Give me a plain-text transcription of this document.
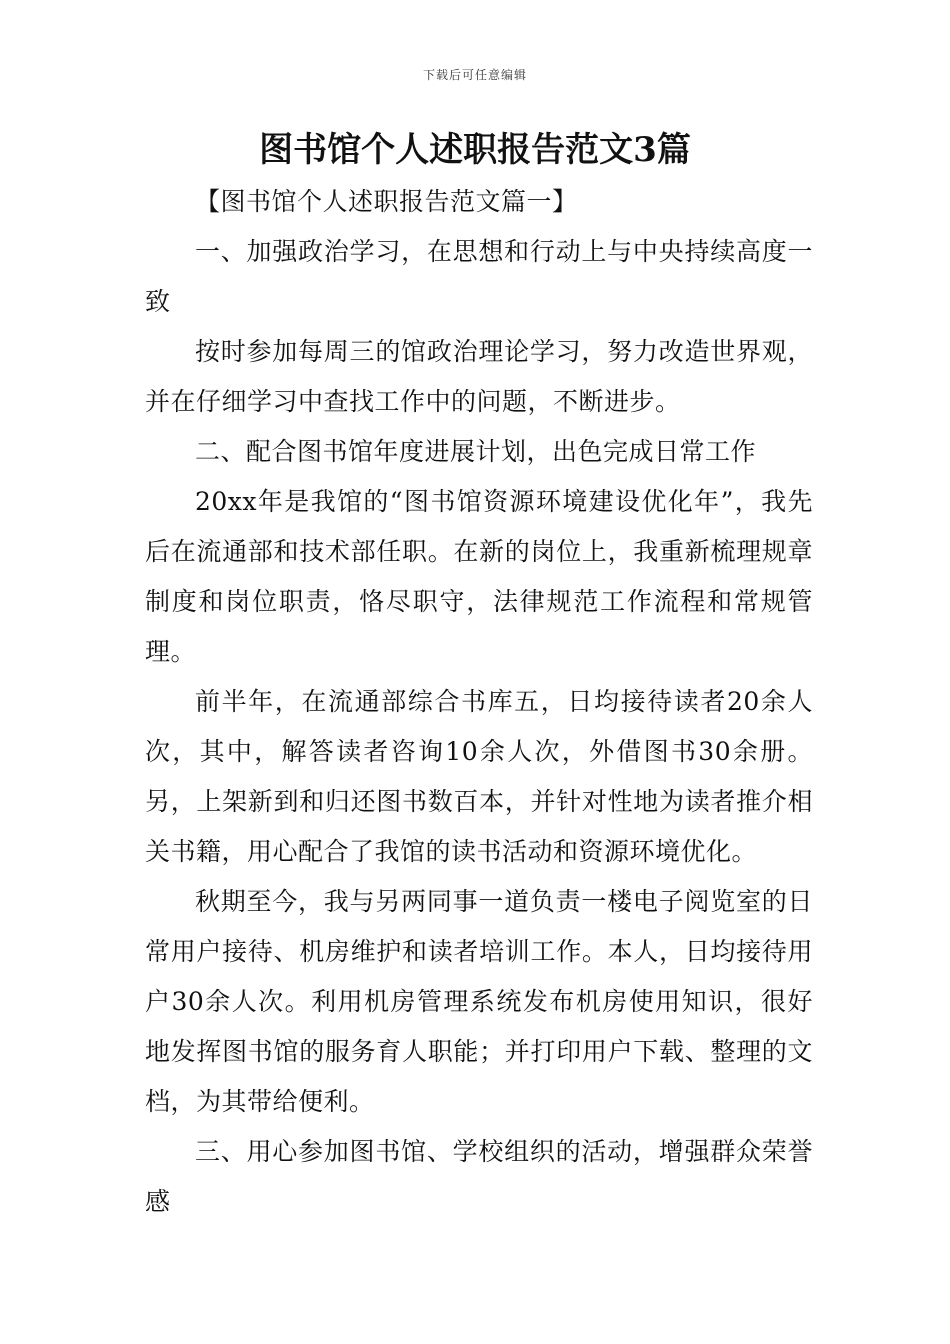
下载后可任意编辑
图书馆个人述职报告范文3篇

【图书馆个人述职报告范文篇一】

一、加强政治学习，在思想和行动上与中央持续高度一致

按时参加每周三的馆政治理论学习，努力改造世界观，并在仔细学习中查找工作中的问题，不断进步。

二、配合图书馆年度进展计划，出色完成日常工作

20xx年是我馆的“图书馆资源环境建设优化年”，我先后在流通部和技术部任职。在新的岗位上，我重新梳理规章制度和岗位职责，恪尽职守，法律规范工作流程和常规管理。

前半年，在流通部综合书库五，日均接待读者20余人次，其中，解答读者咨询10余人次，外借图书30余册。另，上架新到和归还图书数百本，并针对性地为读者推介相关书籍，用心配合了我馆的读书活动和资源环境优化。

秋期至今，我与另两同事一道负责一楼电子阅览室的日常用户接待、机房维护和读者培训工作。本人，日均接待用户30余人次。利用机房管理系统发布机房使用知识，很好地发挥图书馆的服务育人职能；并打印用户下载、整理的文档，为其带给便利。

三、用心参加图书馆、学校组织的活动，增强群众荣誉感
